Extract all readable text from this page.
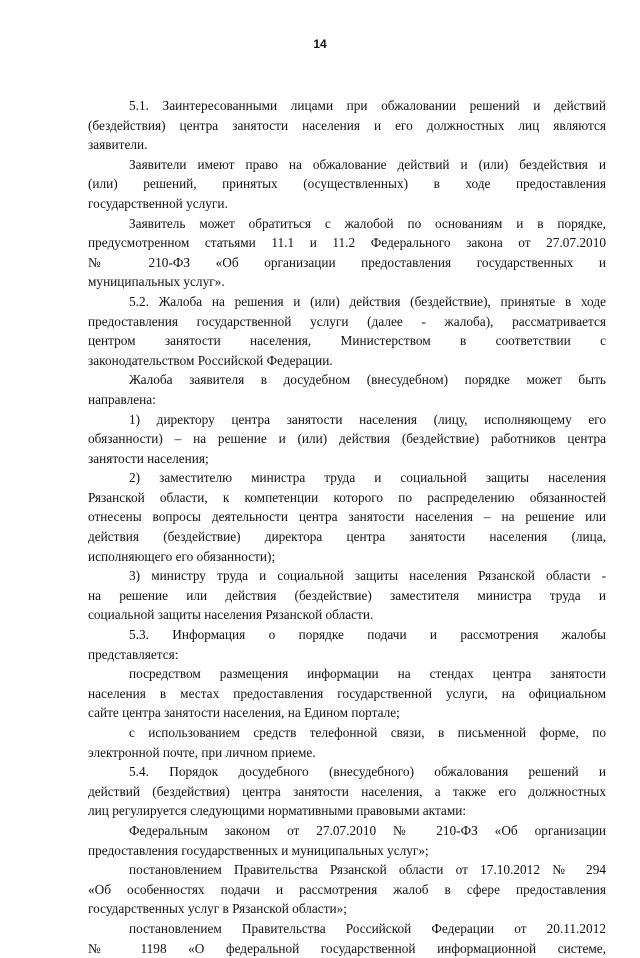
14
5.1. Заинтересованными лицами при обжаловании решений и действий
(бездействия) центра занятости населения и его должностных лиц являются
заявители.
Заявители имеют право на обжалование действий и (или) бездействия и
(или) решений, принятых (осуществленных) в ходе предоставления
государственной услуги.
Заявитель может обратиться с жалобой по основаниям и в порядке,
предусмотренном статьями 11.1 и 11.2 Федерального закона от 27.07.2010
№ 210-ФЗ «Об организации предоставления государственных и
муниципальных услуг».
5.2. Жалоба на решения и (или) действия (бездействие), принятые в ходе
предоставления государственной услуги (далее - жалоба), рассматривается
центром занятости населения, Министерством в соответствии с
законодательством Российской Федерации.
Жалоба заявителя в досудебном (внесудебном) порядке может быть
направлена:
1) директору центра занятости населения (лицу, исполняющему его
обязанности) – на решение и (или) действия (бездействие) работников центра
занятости населения;
2) заместителю министра труда и социальной защиты населения
Рязанской области, к компетенции которого по распределению обязанностей
отнесены вопросы деятельности центра занятости населения – на решение или
действия (бездействие) директора центра занятости населения (лица,
исполняющего его обязанности);
3) министру труда и социальной защиты населения Рязанской области -
на решение или действия (бездействие) заместителя министра труда и
социальной защиты населения Рязанской области.
5.3. Информация о порядке подачи и рассмотрения жалобы
представляется:
посредством размещения информации на стендах центра занятости
населения в местах предоставления государственной услуги, на официальном
сайте центра занятости населения, на Едином портале;
с использованием средств телефонной связи, в письменной форме, по
электронной почте, при личном приеме.
5.4. Порядок досудебного (внесудебного) обжалования решений и
действий (бездействия) центра занятости населения, а также его должностных
лиц регулируется следующими нормативными правовыми актами:
Федеральным законом от 27.07.2010 № 210-ФЗ «Об организации
предоставления государственных и муниципальных услуг»;
постановлением Правительства Рязанской области от 17.10.2012 № 294
«Об особенностях подачи и рассмотрения жалоб в сфере предоставления
государственных услуг в Рязанской области»;
постановлением Правительства Российской Федерации от 20.11.2012
№ 1198 «О федеральной государственной информационной системе,
